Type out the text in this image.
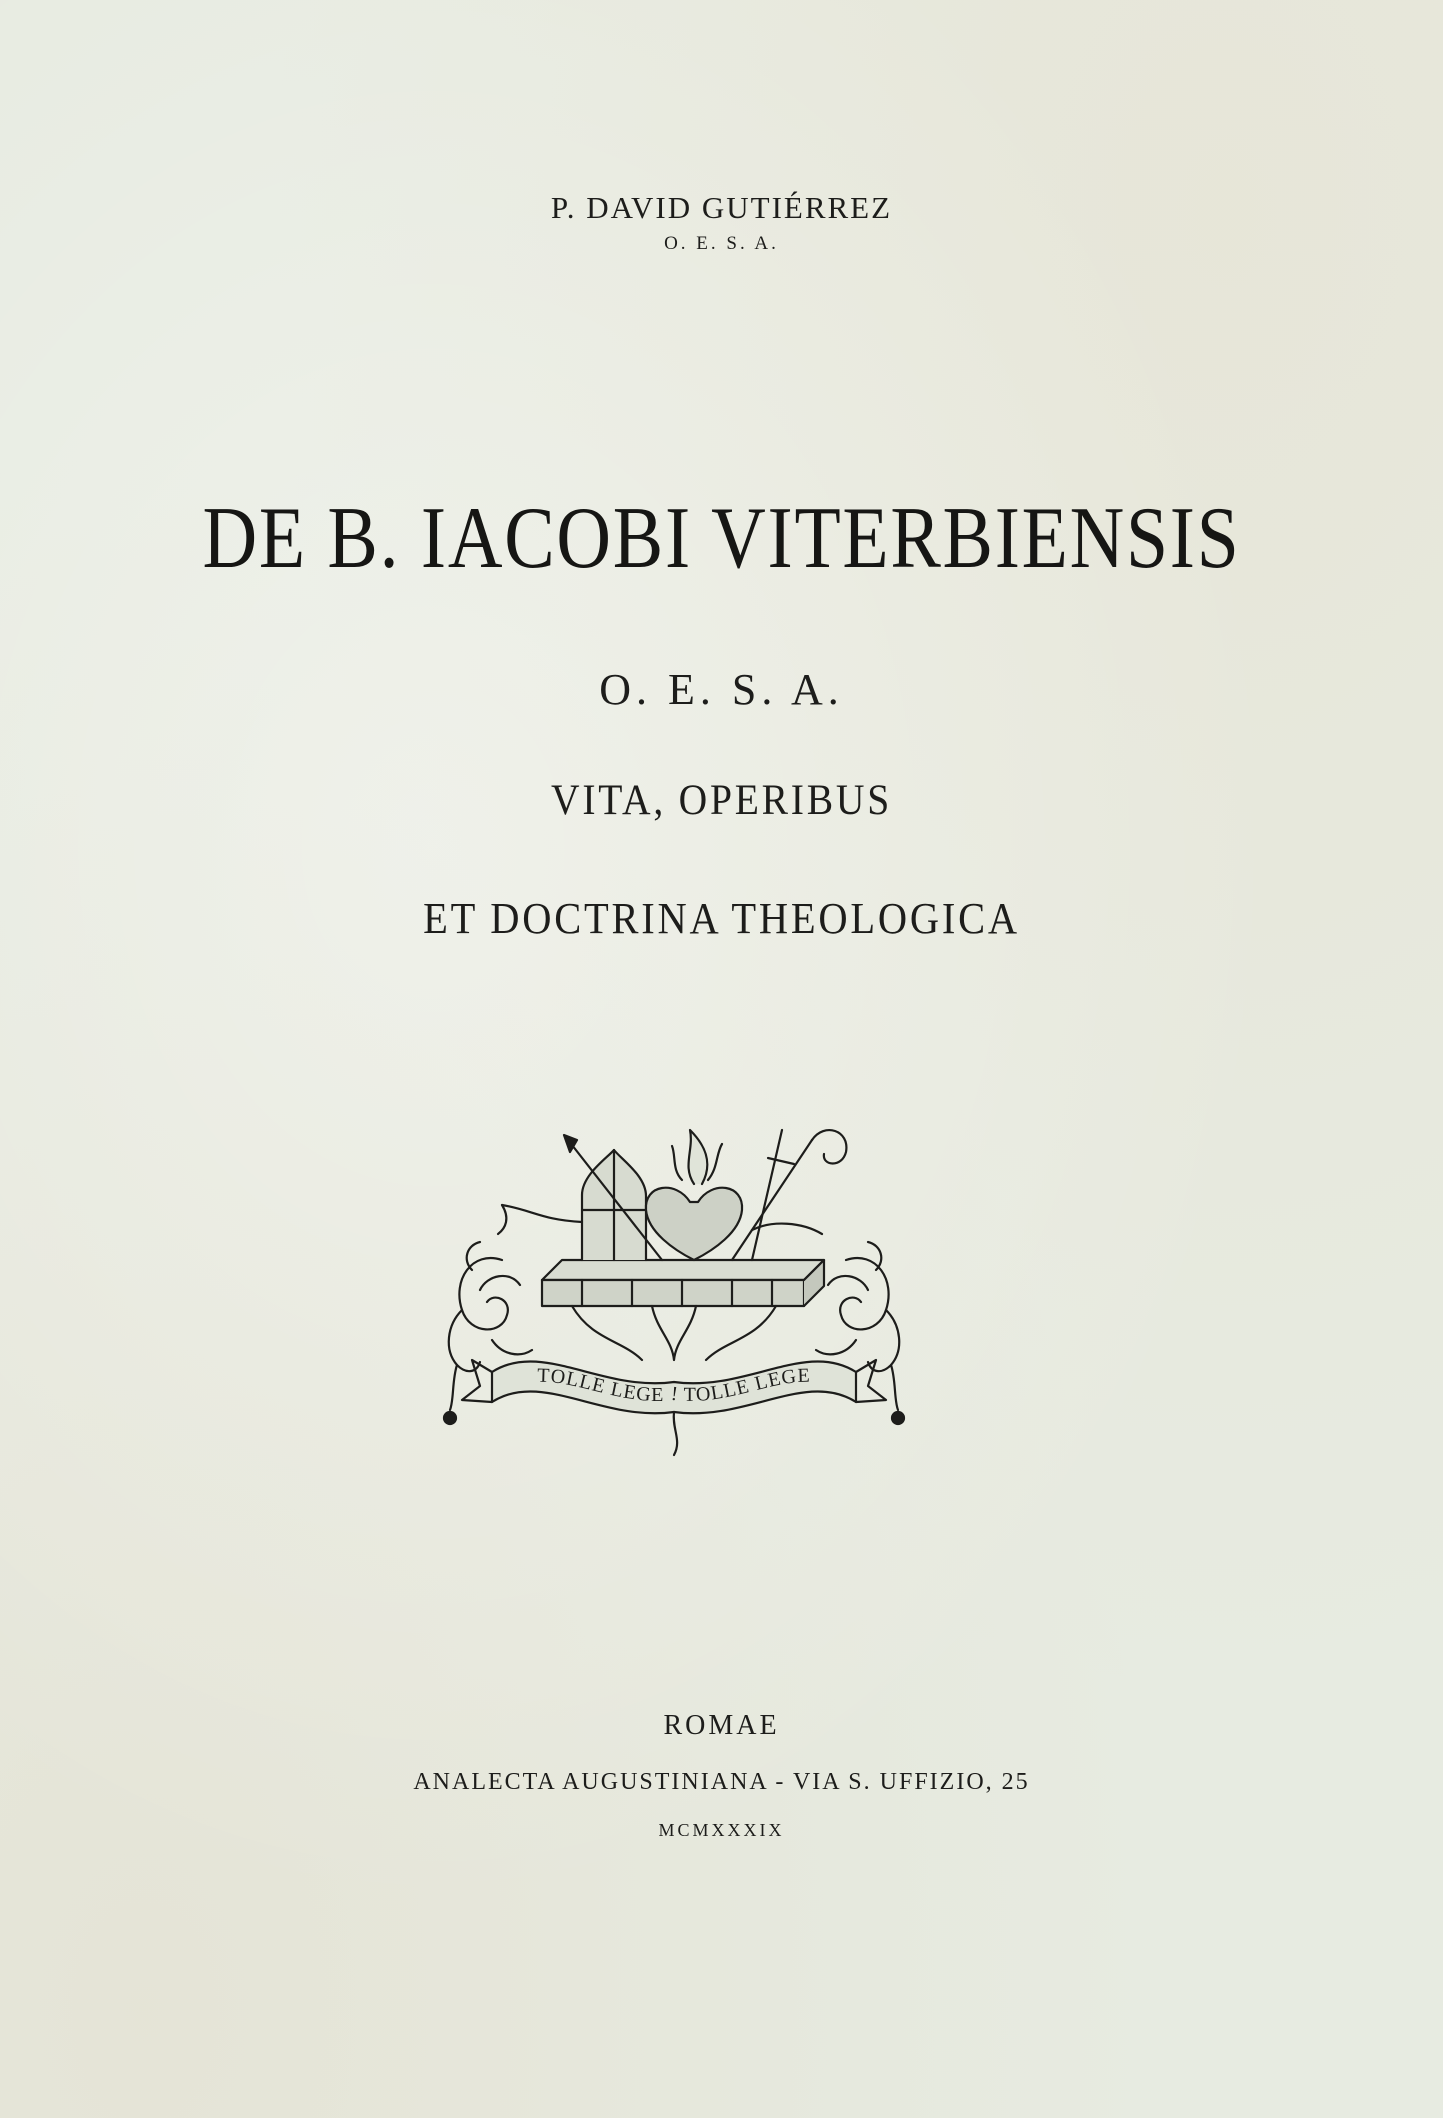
P. DAVID GUTIÉRREZ
O. E. S. A.
DE B. IACOBI VITERBIENSIS
O. E. S. A.
VITA, OPERIBUS
ET DOCTRINA THEOLOGICA
TOLLE LEGE ! TOLLE LEGE
ROMAE
ANALECTA AUGUSTINIANA - VIA S. UFFIZIO, 25
MCMXXXIX
